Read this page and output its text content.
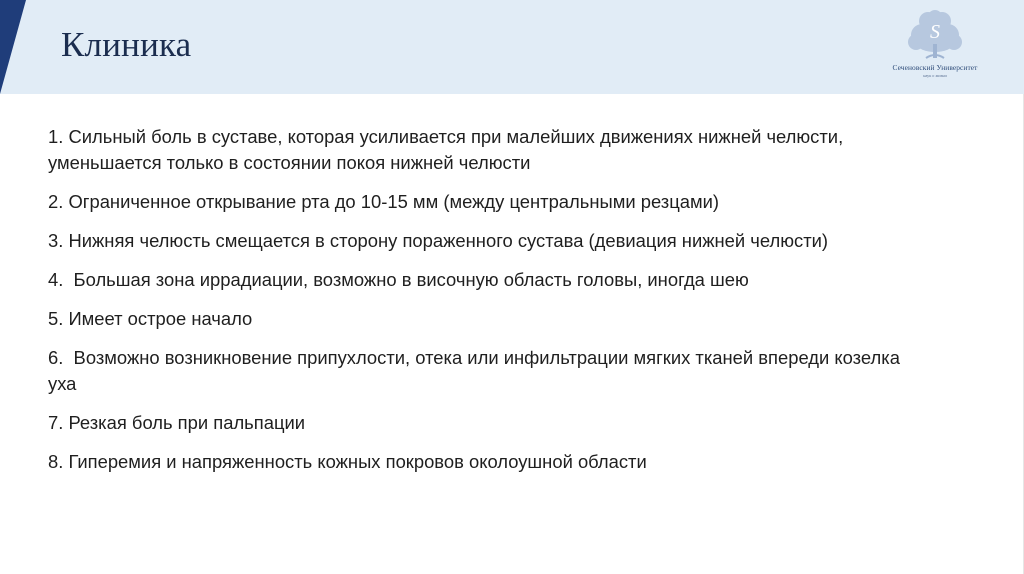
Клиника	S
Сеченовский Университет
наук о жизни

1. Сильный боль в суставе, которая усиливается при малейших движениях нижней челюсти, уменьшается только в состоянии покоя нижней челюсти

2. Ограниченное открывание рта до 10-15 мм (между центральными резцами)

3. Нижняя челюсть смещается в сторону пораженного сустава (девиация нижней челюсти)

4.  Большая зона иррадиации, возможно в височную область головы, иногда шею

5. Имеет острое начало

6.  Возможно возникновение припухлости, отека или инфильтрации мягких тканей впереди козелка уха

7. Резкая боль при пальпации

8. Гиперемия и напряженность кожных покровов околоушной области
